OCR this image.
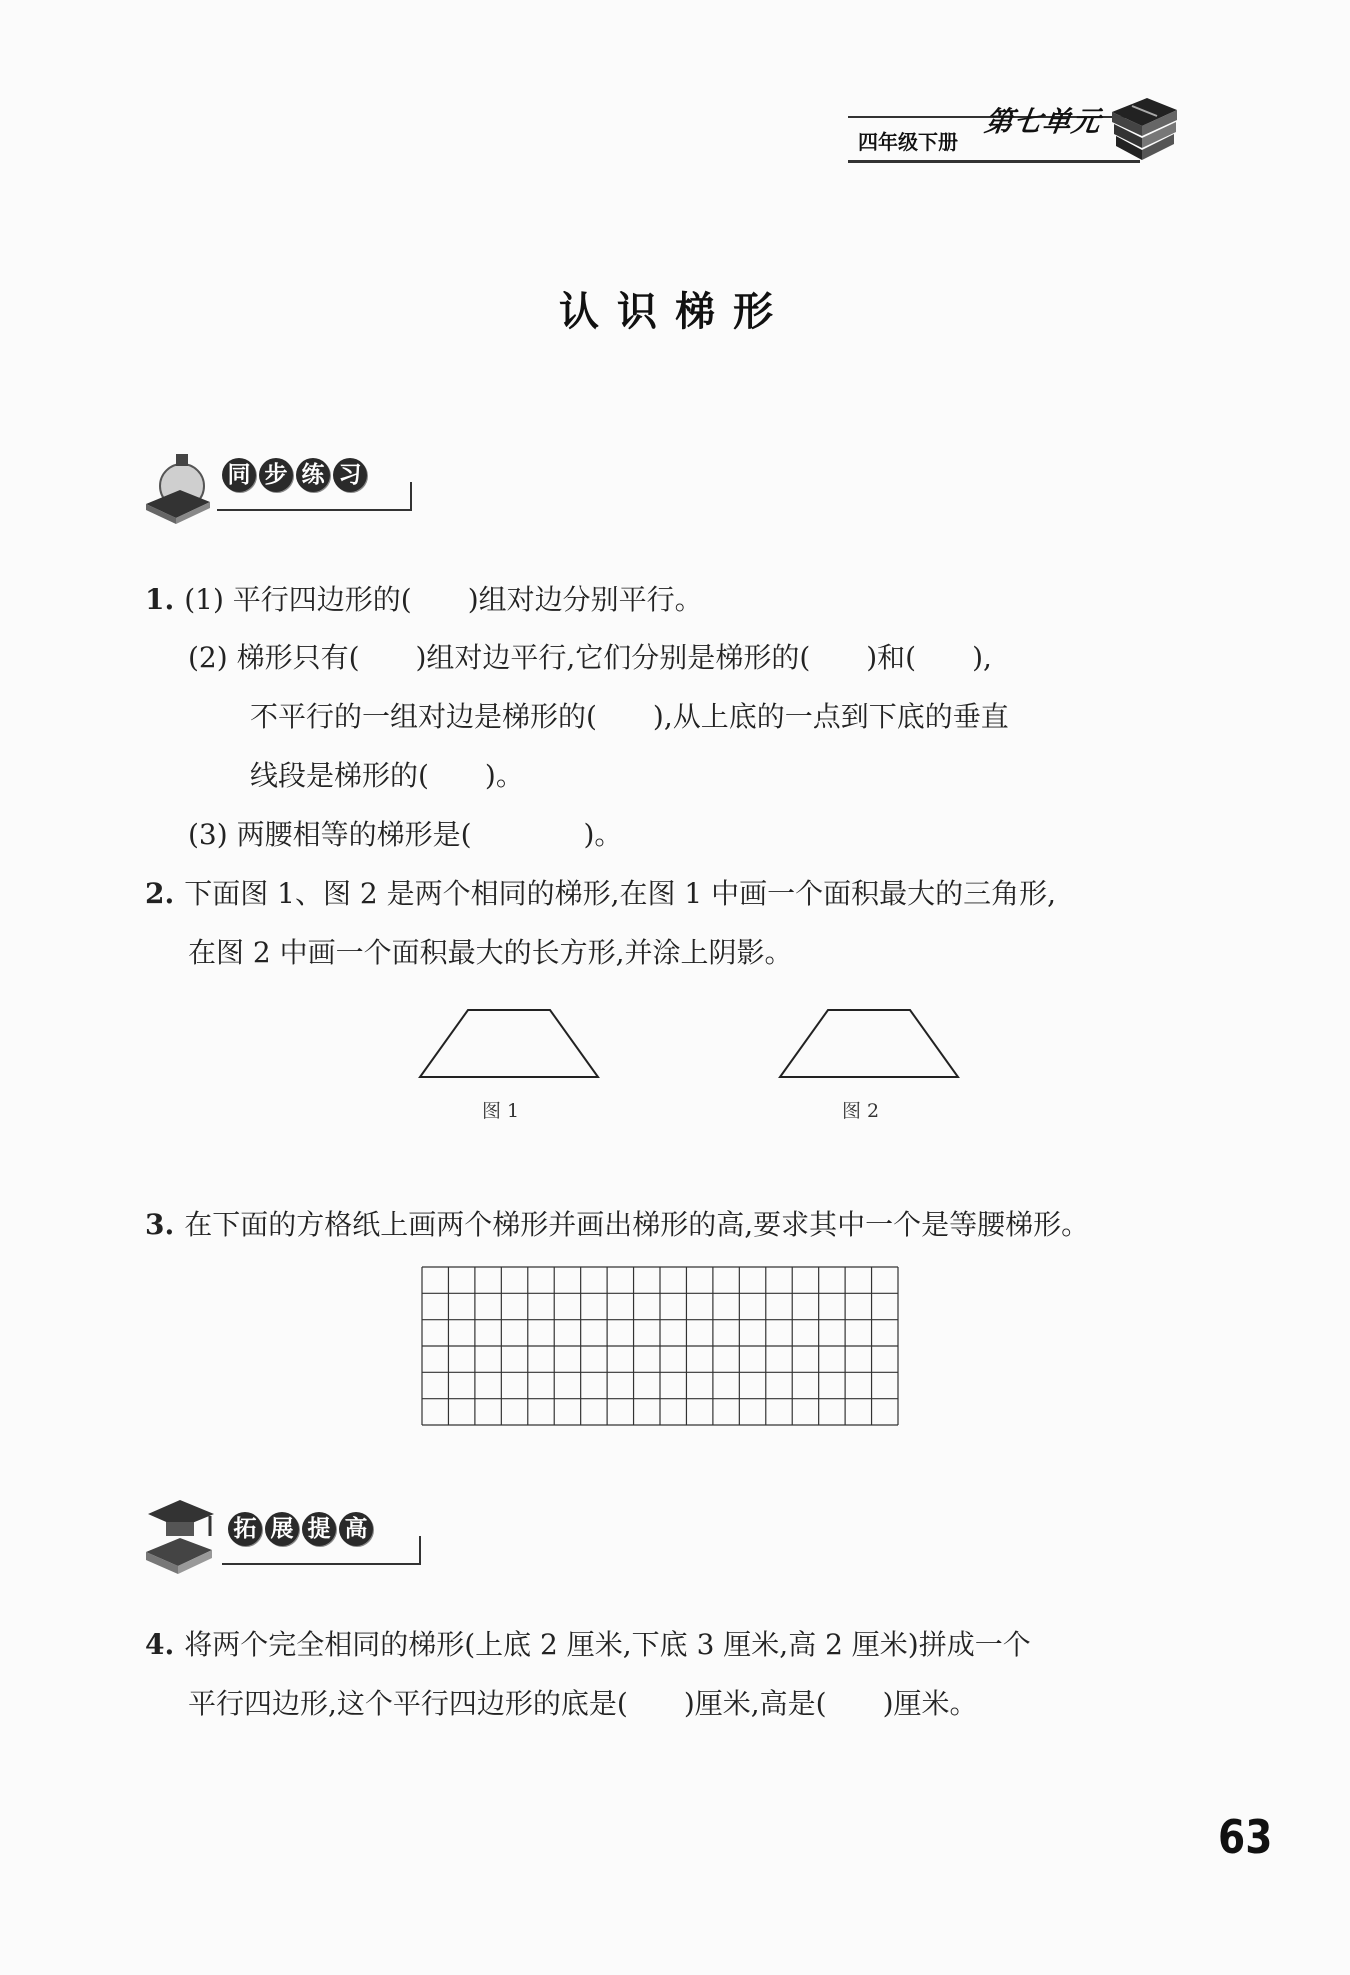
四年级下册
第七单元
认识梯形
同 步 练 习
1. (1) 平行四边形的(　　)组对边分别平行。
(2) 梯形只有(　　)组对边平行,它们分别是梯形的(　　)和(　　),
不平行的一组对边是梯形的(　　),从上底的一点到下底的垂直
线段是梯形的(　　)。
(3) 两腰相等的梯形是(　　　　)。
2. 下面图 1、图 2 是两个相同的梯形,在图 1 中画一个面积最大的三角形,
在图 2 中画一个面积最大的长方形,并涂上阴影。
图 1	图 2
3. 在下面的方格纸上画两个梯形并画出梯形的高,要求其中一个是等腰梯形。
拓 展 提 高
4. 将两个完全相同的梯形(上底 2 厘米,下底 3 厘米,高 2 厘米)拼成一个
平行四边形,这个平行四边形的底是(　　)厘米,高是(　　)厘米。
63
